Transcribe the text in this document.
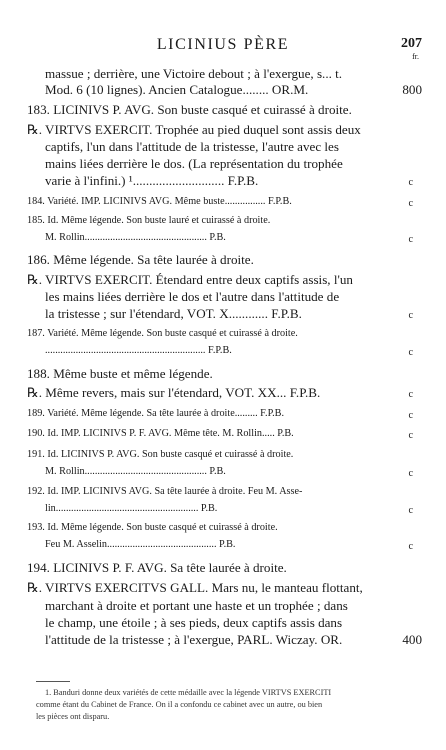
LICINIUS PÈRE	207
fr.
massue ; derrière, une Victoire debout ; à l'exergue, s... t.
Mod. 6 (10 lignes). Ancien Catalogue........ OR.M.
183. LICINIVS P. AVG. Son buste casqué et cuirassé à droite.
℞. VIRTVS EXERCIT. Trophée au pied duquel sont assis deux
captifs, l'un dans l'attitude de la tristesse, l'autre avec les
mains liées derrière le dos. (La représentation du trophée
varie à l'infini.) ¹............................ F.P.B.
184. Variété. IMP. LICINIVS AVG. Même buste................ F.P.B.
185. Id. Même légende. Son buste lauré et cuirassé à droite.
M. Rollin................................................ P.B.
186. Même légende. Sa tête laurée à droite.
℞. VIRTVS EXERCIT. Étendard entre deux captifs assis, l'un
les mains liées derrière le dos et l'autre dans l'attitude de
la tristesse ; sur l'étendard, VOT. X............ F.P.B.
187. Variété. Même légende. Son buste casqué et cuirassé à droite.
............................................................... F.P.B.
188. Même buste et même légende.
℞. Même revers, mais sur l'étendard, VOT. XX... F.P.B.
189. Variété. Même légende. Sa tête laurée à droite......... F.P.B.
190. Id. IMP. LICINIVS P. F. AVG. Même tête. M. Rollin..... P.B.
191. Id. LICINIVS P. AVG. Son buste casqué et cuirassé à droite.
M. Rollin................................................ P.B.
192. Id. IMP. LICINIVS AVG. Sa tête laurée à droite. Feu M. Asse-
lin........................................................ P.B.
193. Id. Même légende. Son buste casqué et cuirassé à droite.
Feu M. Asselin........................................... P.B.
194. LICINIVS P. F. AVG. Sa tête laurée à droite.
℞. VIRTVS EXERCITVS GALL. Mars nu, le manteau flottant,
marchant à droite et portant une haste et un trophée ; dans
le champ, une étoile ; à ses pieds, deux captifs assis dans
l'attitude de la tristesse ; à l'exergue, PARL. Wiczay. OR.
800
c
c
c
c
c
c
c
c
c
c
c
400
1. Banduri donne deux variétés de cette médaille avec la légende VIRTVS EXERCITI
comme étant du Cabinet de France. On il a confondu ce cabinet avec un autre, ou bien
les pièces ont disparu.
